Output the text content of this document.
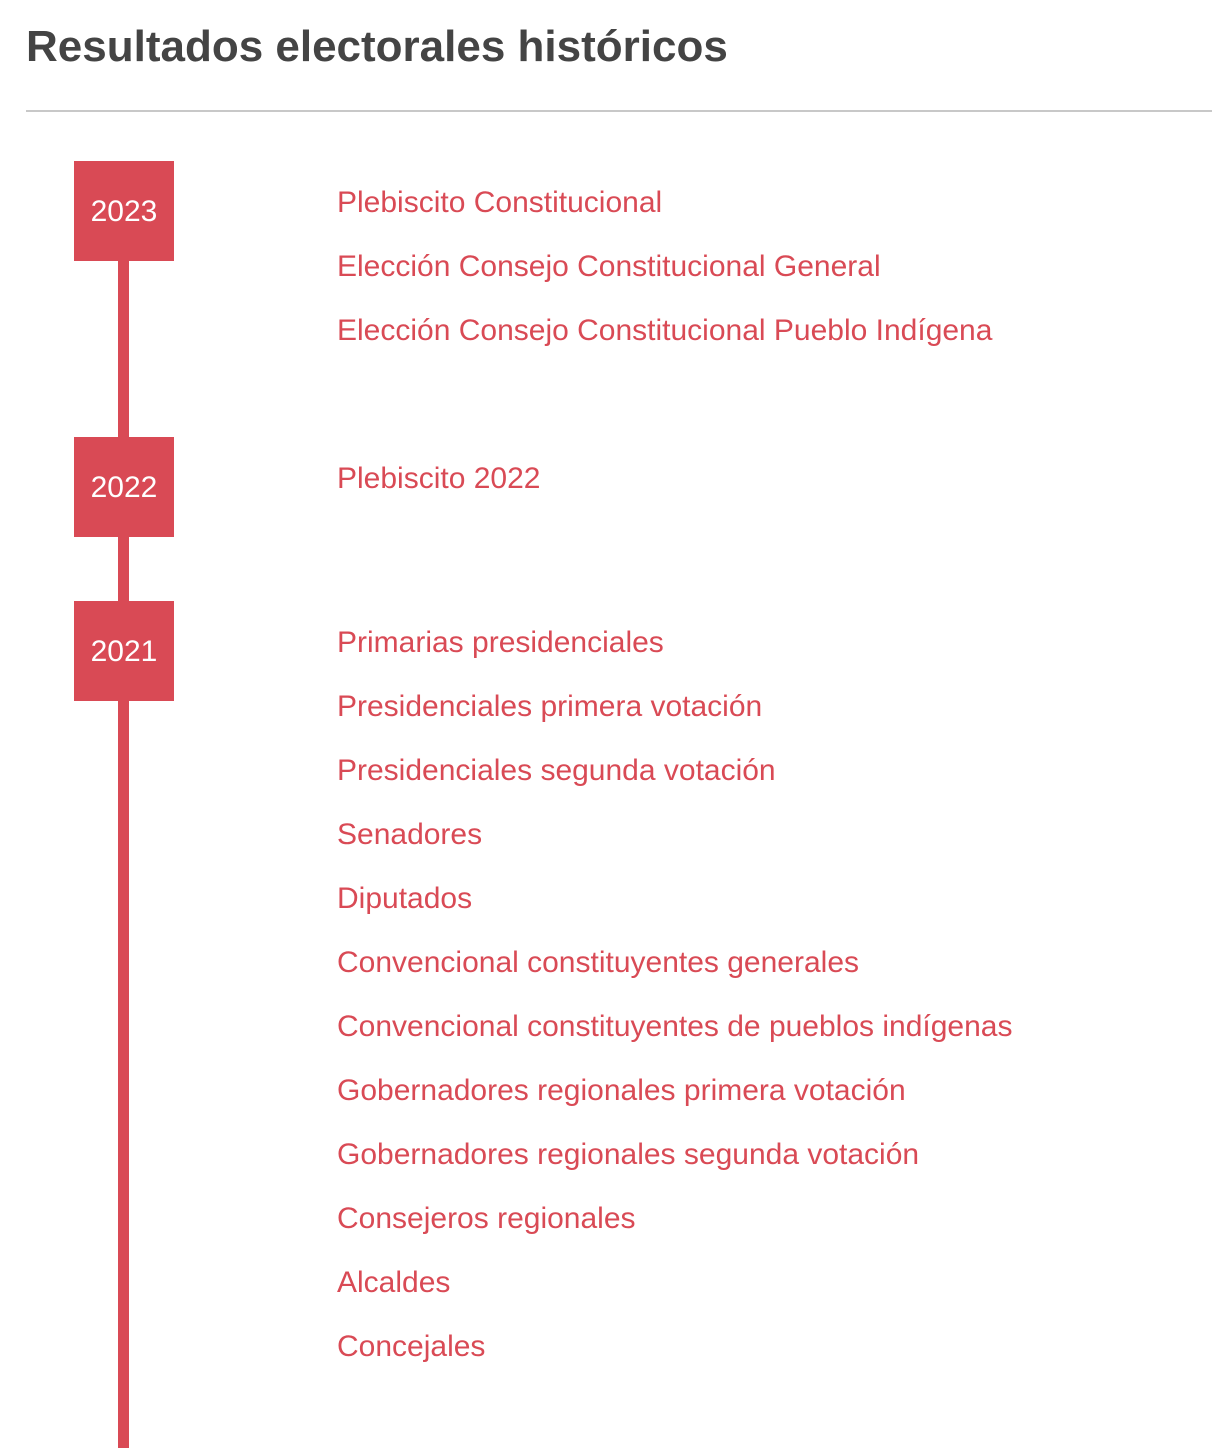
Resultados electorales históricos
2023	Plebiscito Constitucional
Elección Consejo Constitucional General
Elección Consejo Constitucional Pueblo Indígena
2022	Plebiscito 2022
2021	Primarias presidenciales
Presidenciales primera votación
Presidenciales segunda votación
Senadores
Diputados
Convencional constituyentes generales
Convencional constituyentes de pueblos indígenas
Gobernadores regionales primera votación
Gobernadores regionales segunda votación
Consejeros regionales
Alcaldes
Concejales
